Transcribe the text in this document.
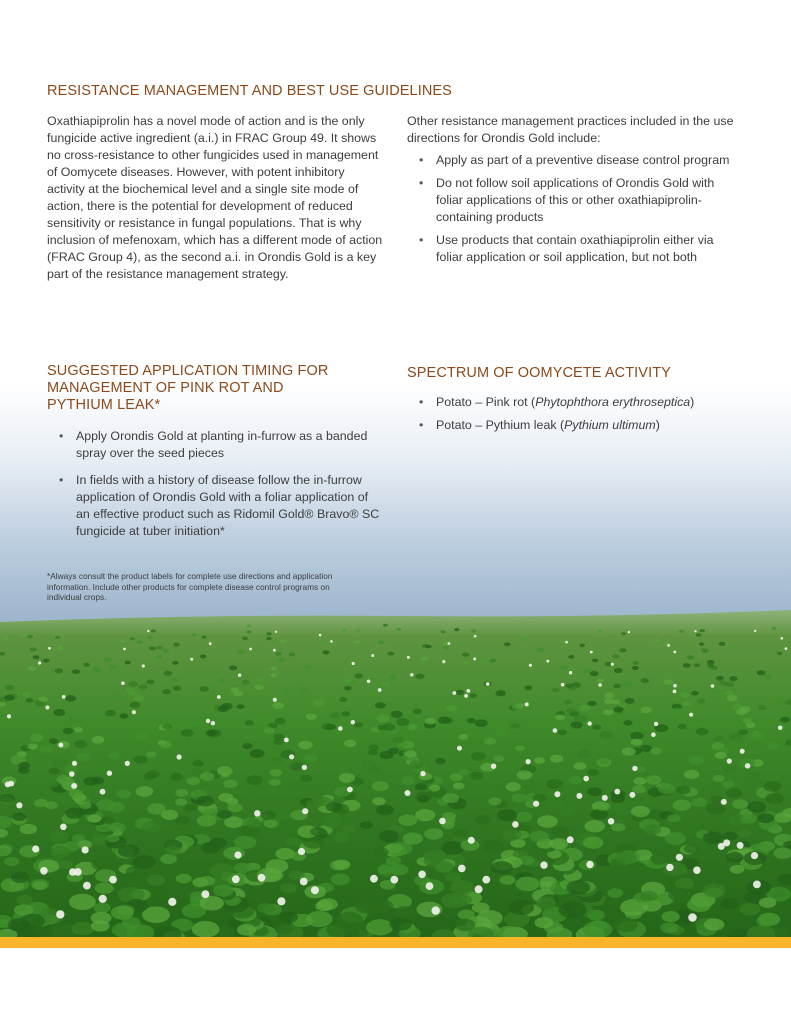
RESISTANCE MANAGEMENT AND BEST USE GUIDELINES
Oxathiapiprolin has a novel mode of action and is the only
fungicide active ingredient (a.i.) in FRAC Group 49. It shows
no cross-resistance to other fungicides used in management
of Oomycete diseases. However, with potent inhibitory
activity at the biochemical level and a single site mode of
action, there is the potential for development of reduced
sensitivity or resistance in fungal populations. That is why
inclusion of mefenoxam, which has a different mode of action
(FRAC Group 4), as the second a.i. in Orondis Gold is a key
part of the resistance management strategy.
Other resistance management practices included in the use
directions for Orondis Gold include:
• Apply as part of a preventive disease control program
• Do not follow soil applications of Orondis Gold with
foliar applications of this or other oxathiapiprolin-
containing products
• Use products that contain oxathiapiprolin either via
foliar application or soil application, but not both
SUGGESTED APPLICATION TIMING FOR
MANAGEMENT OF PINK ROT AND
PYTHIUM LEAK*
• Apply Orondis Gold at planting in-furrow as a banded
spray over the seed pieces
• In fields with a history of disease follow the in-furrow
application of Orondis Gold with a foliar application of
an effective product such as Ridomil Gold® Bravo® SC
fungicide at tuber initiation*
*Always consult the product labels for complete use directions and application
information. Include other products for complete disease control programs on
individual crops.
SPECTRUM OF OOMYCETE ACTIVITY
• Potato – Pink rot (Phytophthora erythroseptica)
• Potato – Pythium leak (Pythium ultimum)
